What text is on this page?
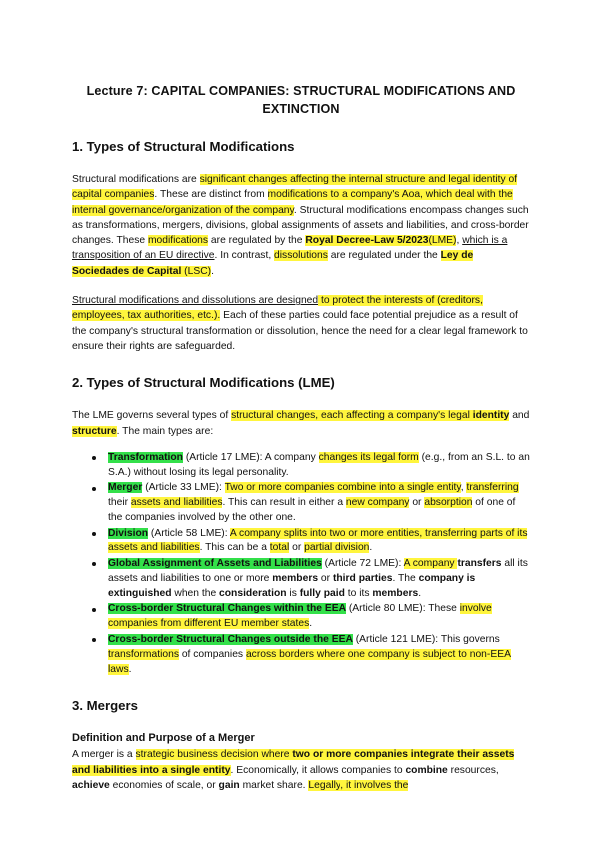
Lecture 7: CAPITAL COMPANIES: STRUCTURAL MODIFICATIONS AND EXTINCTION
1. Types of Structural Modifications

Structural modifications are significant changes affecting the internal structure and legal identity of capital companies. These are distinct from modifications to a company's Aoa, which deal with the internal governance/organization of the company. Structural modifications encompass changes such as transformations, mergers, divisions, global assignments of assets and liabilities, and cross-border changes. These modifications are regulated by the Royal Decree-Law 5/2023(LME), which is a transposition of an EU directive. In contrast, dissolutions are regulated under the Ley de Sociedades de Capital (LSC).

Structural modifications and dissolutions are designed to protect the interests of (creditors, employees, tax authorities, etc.). Each of these parties could face potential prejudice as a result of the company's structural transformation or dissolution, hence the need for a clear legal framework to ensure their rights are safeguarded.

2. Types of Structural Modifications (LME)

The LME governs several types of structural changes, each affecting a company's legal identity and structure. The main types are:

Transformation (Article 17 LME): A company changes its legal form (e.g., from an S.L. to an S.A.) without losing its legal personality.
Merger (Article 33 LME): Two or more companies combine into a single entity, transferring their assets and liabilities. This can result in either a new company or absorption of one of the companies involved by the other one.
Division (Article 58 LME): A company splits into two or more entities, transferring parts of its assets and liabilities. This can be a total or partial division.
Global Assignment of Assets and Liabilities (Article 72 LME): A company transfers all its assets and liabilities to one or more members or third parties. The company is extinguished when the consideration is fully paid to its members.
Cross-border Structural Changes within the EEA (Article 80 LME): These involve companies from different EU member states.
Cross-border Structural Changes outside the EEA (Article 121 LME): This governs transformations of companies across borders where one company is subject to non-EEA laws.
3. Mergers
Definition and Purpose of a Merger

A merger is a strategic business decision where two or more companies integrate their assets and liabilities into a single entity. Economically, it allows companies to combine resources, achieve economies of scale, or gain market share. Legally, it involves the
